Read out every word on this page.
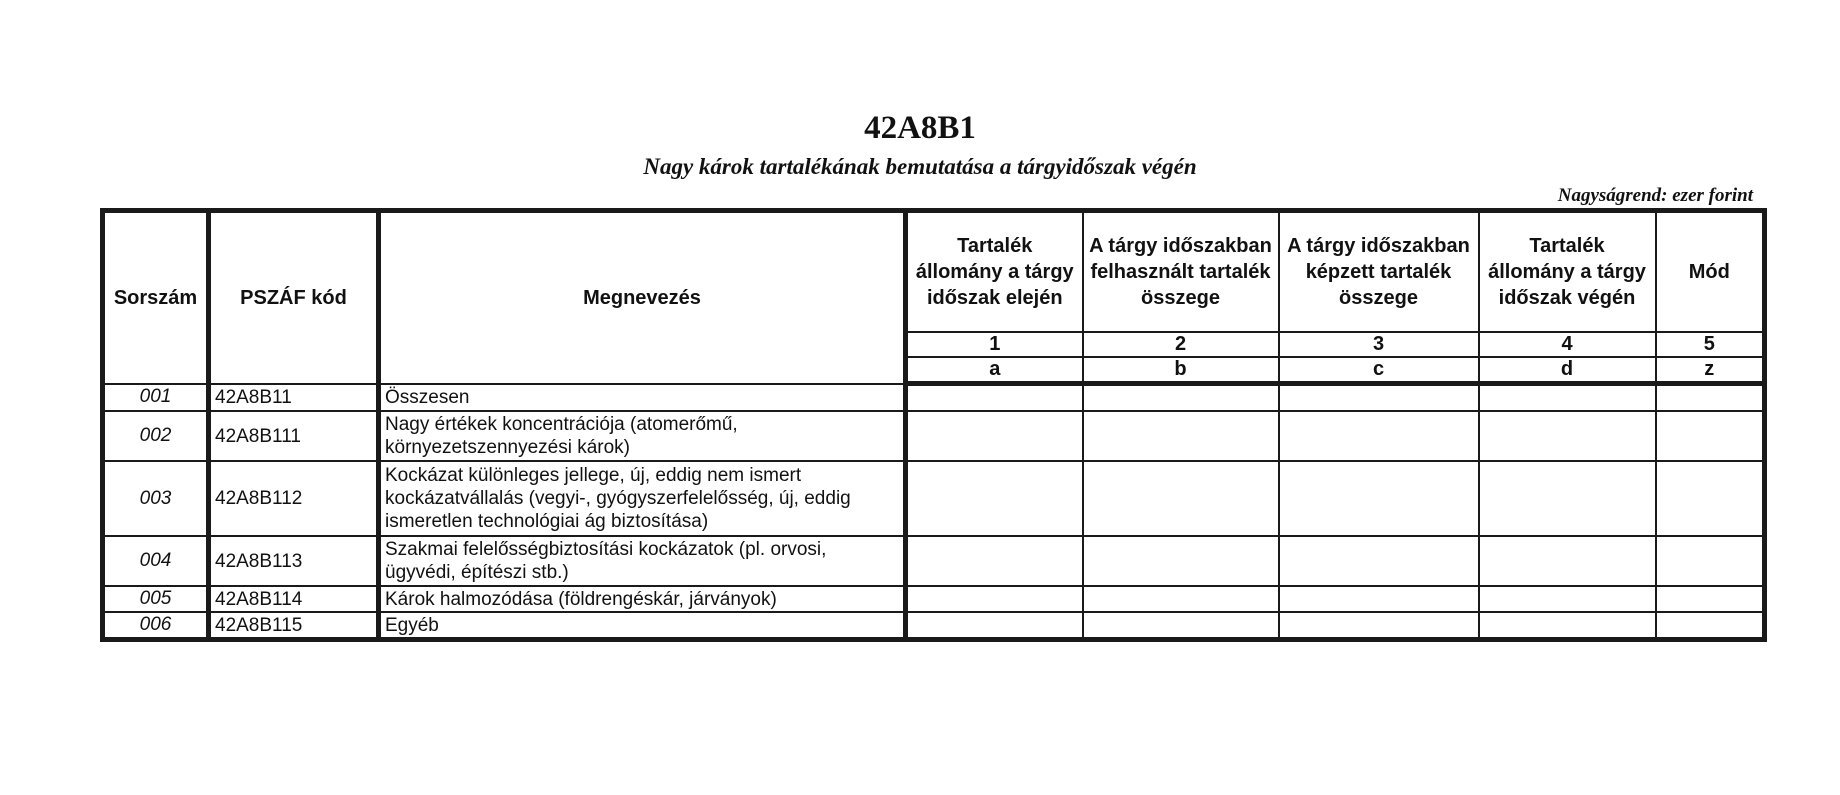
42A8B1
Nagy károk tartalékának bemutatása a tárgyidőszak végén
Nagyságrend: ezer forint
Sorszám	PSZÁF kód	Megnevezés	Tartalék állomány a tárgy időszak elején	A tárgy időszakban felhasznált tartalék összege	A tárgy időszakban képzett tartalék összege	Tartalék állomány a tárgy időszak végén	Mód
			1	2	3	4	5
			a	b	c	d	z
001	42A8B11	Összesen					
002	42A8B111	Nagy értékek koncentrációja (atomerőmű, környezetszennyezési károk)					
003	42A8B112	Kockázat különleges jellege, új, eddig nem ismert kockázatvállalás (vegyi-, gyógyszerfelelősség, új, eddig ismeretlen technológiai ág biztosítása)					
004	42A8B113	Szakmai felelősségbiztosítási kockázatok (pl. orvosi, ügyvédi, építészi stb.)					
005	42A8B114	Károk halmozódása (földrengéskár, járványok)					
006	42A8B115	Egyéb					
